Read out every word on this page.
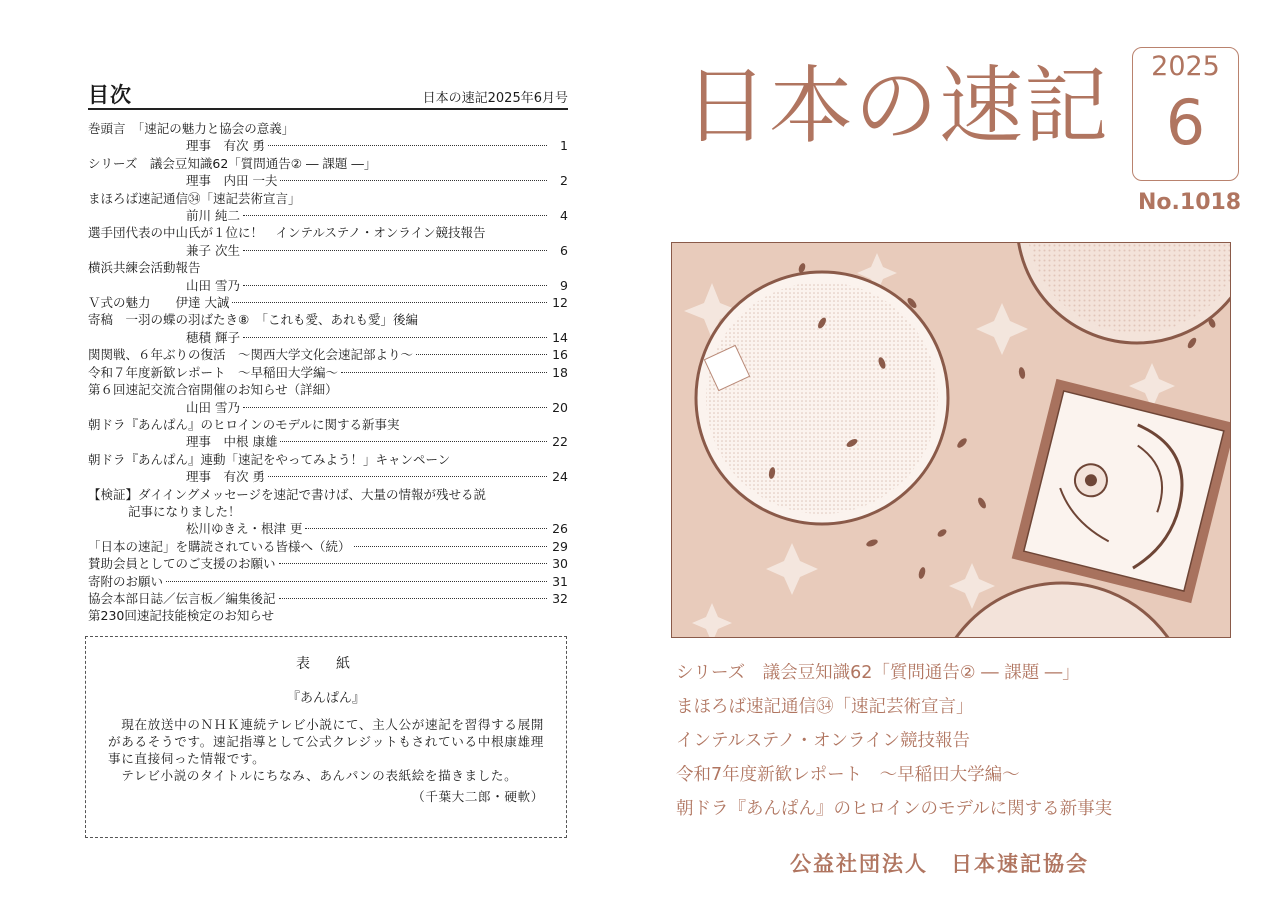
目次	日本の速記2025年6月号
巻頭言　「速記の魅力と協会の意義」
理事　有次 勇	1
シリーズ　議会豆知識62「質問通告② ― 課題 ―」
理事　内田 一夫	2
まほろば速記通信㉞「速記芸術宣言」
前川 純二	4
選手団代表の中山氏が１位に！　インテルステノ・オンライン競技報告
兼子 次生	6
横浜共練会活動報告
山田 雪乃	9
Ｖ式の魅力　　伊達 大誠	12
寄稿　一羽の蝶の羽ばたき⑧　「これも愛、あれも愛」後編
穂積 輝子	14
関関戦、６年ぶりの復活　～関西大学文化会速記部より～	16
令和７年度新歓レポート　～早稲田大学編～	18
第６回速記交流合宿開催のお知らせ（詳細）
山田 雪乃	20
朝ドラ『あんぱん』のヒロインのモデルに関する新事実
理事　中根 康雄	22
朝ドラ『あんぱん』連動「速記をやってみよう！」キャンペーン
理事　有次 勇	24
【検証】ダイイングメッセージを速記で書けば、大量の情報が残せる説
記事になりました！
松川ゆきえ・根津 更	26
「日本の速記」を購読されている皆様へ（続）	29
賛助会員としてのご支援のお願い	30
寄附のお願い	31
協会本部日誌／伝言板／編集後記	32
第230回速記技能検定のお知らせ
表　紙
『あんぱん』
　現在放送中のＮＨＫ連続テレビ小説にて、主人公が速記を習得する展開があるそうです。速記指導として公式クレジットもされている中根康雄理事に直接伺った情報です。
　テレビ小説のタイトルにちなみ、あんパンの表紙絵を描きました。
（千葉大二郎・硬軟）
日本の速記	2025
6
No.1018
シリーズ　議会豆知識62「質問通告② ― 課題 ―」
まほろば速記通信㉞「速記芸術宣言」
インテルステノ・オンライン競技報告
令和7年度新歓レポート　～早稲田大学編～
朝ドラ『あんぱん』のヒロインのモデルに関する新事実
公益社団法人　日本速記協会
